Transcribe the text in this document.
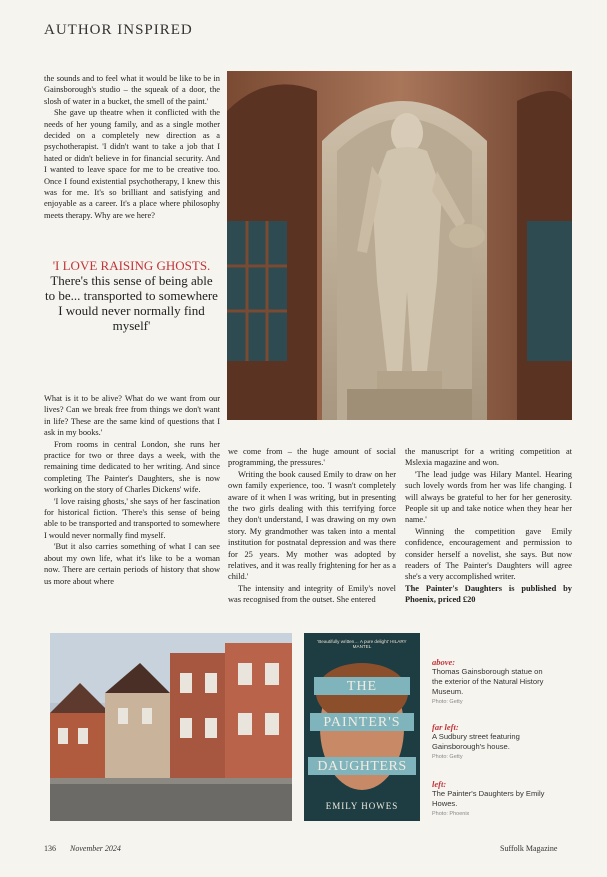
AUTHOR INSPIRED

the sounds and to feel what it would be like to be in Gainsborough's studio – the squeak of a door, the slosh of water in a bucket, the smell of the paint.'

She gave up theatre when it conflicted with the needs of her young family, and as a single mother decided on a completely new direction as a psychotherapist. 'I didn't want to take a job that I hated or didn't believe in for financial security. And I wanted to leave space for me to be creative too. Once I found existential psychotherapy, I knew this was for me. It's so brilliant and satisfying and enjoyable as a career. It's a place where philosophy meets therapy. Why are we here?

'I LOVE RAISING GHOSTS. There's this sense of being able to be... transported to somewhere I would never normally find myself'

What is it to be alive? What do we want from our lives? Can we break free from things we don't want in life? These are the same kind of questions that I ask in my books.'

From rooms in central London, she runs her practice for two or three days a week, with the remaining time dedicated to her writing. And since completing The Painter's Daughters, she is now working on the story of Charles Dickens' wife.

'I love raising ghosts,' she says of her fascination for historical fiction. 'There's this sense of being able to be transported and transported to somewhere I would never normally find myself.

'But it also carries something of what I can see about my own life, what it's like to be a woman now. There are certain periods of history that show us more about where

we come from – the huge amount of social programming, the pressures.'

Writing the book caused Emily to draw on her own family experience, too. 'I wasn't completely aware of it when I was writing, but in presenting the two girls dealing with this terrifying force they don't understand, I was drawing on my own story. My grandmother was taken into a mental institution for postnatal depression and was there for 25 years. My mother was adopted by relatives, and it was really frightening for her as a child.'

The intensity and integrity of Emily's novel was recognised from the outset. She entered

the manuscript for a writing competition at Mslexia magazine and won.

'The lead judge was Hilary Mantel. Hearing such lovely words from her was life changing. I will always be grateful to her for her generosity. People sit up and take notice when they hear her name.'

Winning the competition gave Emily confidence, encouragement and permission to consider herself a novelist, she says. But now readers of The Painter's Daughters will agree she's a very accomplished writer.

The Painter's Daughters is published by Phoenix, priced £20

'Beautifully written… A pure delight' HILARY MANTEL
THE
PAINTER'S
DAUGHTERS
EMILY HOWES
above:
Thomas Gainsborough statue on the exterior of the Natural History Museum.
Photo: Getty
far left:
A Sudbury street featuring Gainsborough's house.
Photo: Getty
left:
The Painter's Daughters by Emily Howes.
Photo: Phoenix
136 November 2024	Suffolk Magazine
